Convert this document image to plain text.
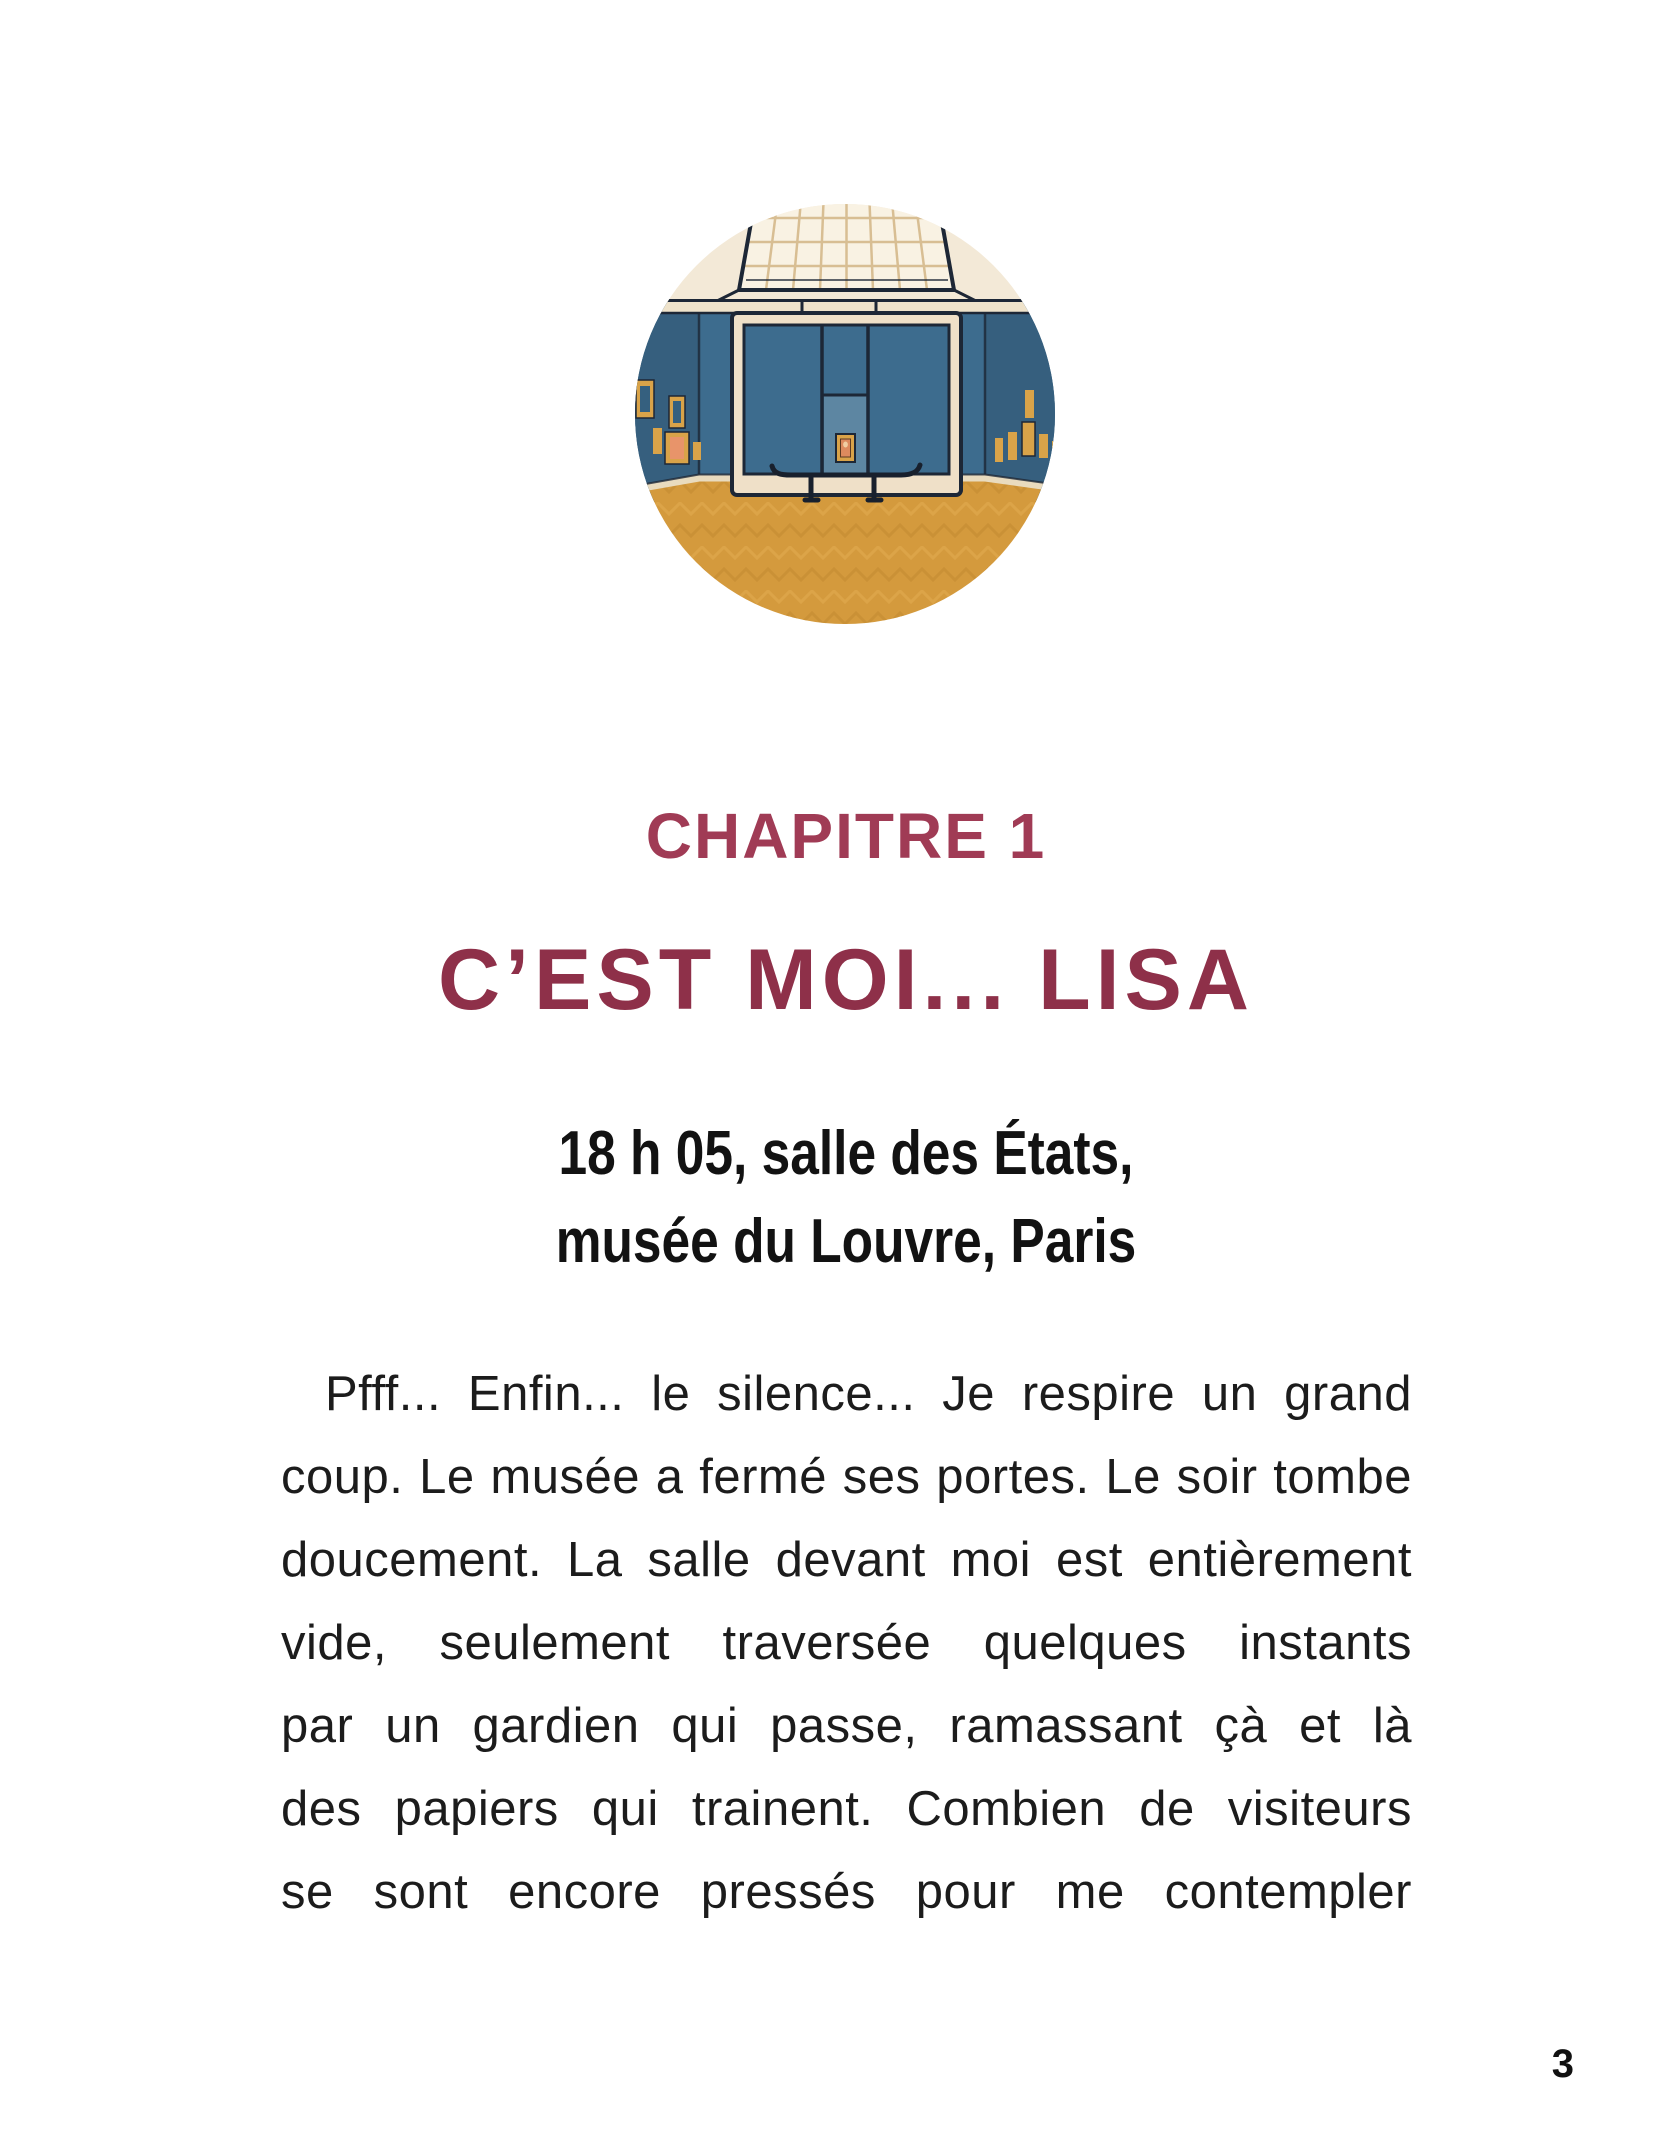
CHAPITRE 1
C’EST MOI... LISA
18 h 05, salle des États,
musée du Louvre, Paris
Pfff... Enfin... le silence... Je respire un grand
coup. Le musée a fermé ses portes. Le soir tombe
doucement. La salle devant moi est entièrement
vide, seulement traversée quelques instants
par un gardien qui passe, ramassant çà et là
des papiers qui trainent. Combien de visiteurs
se sont encore pressés pour me contempler
3
